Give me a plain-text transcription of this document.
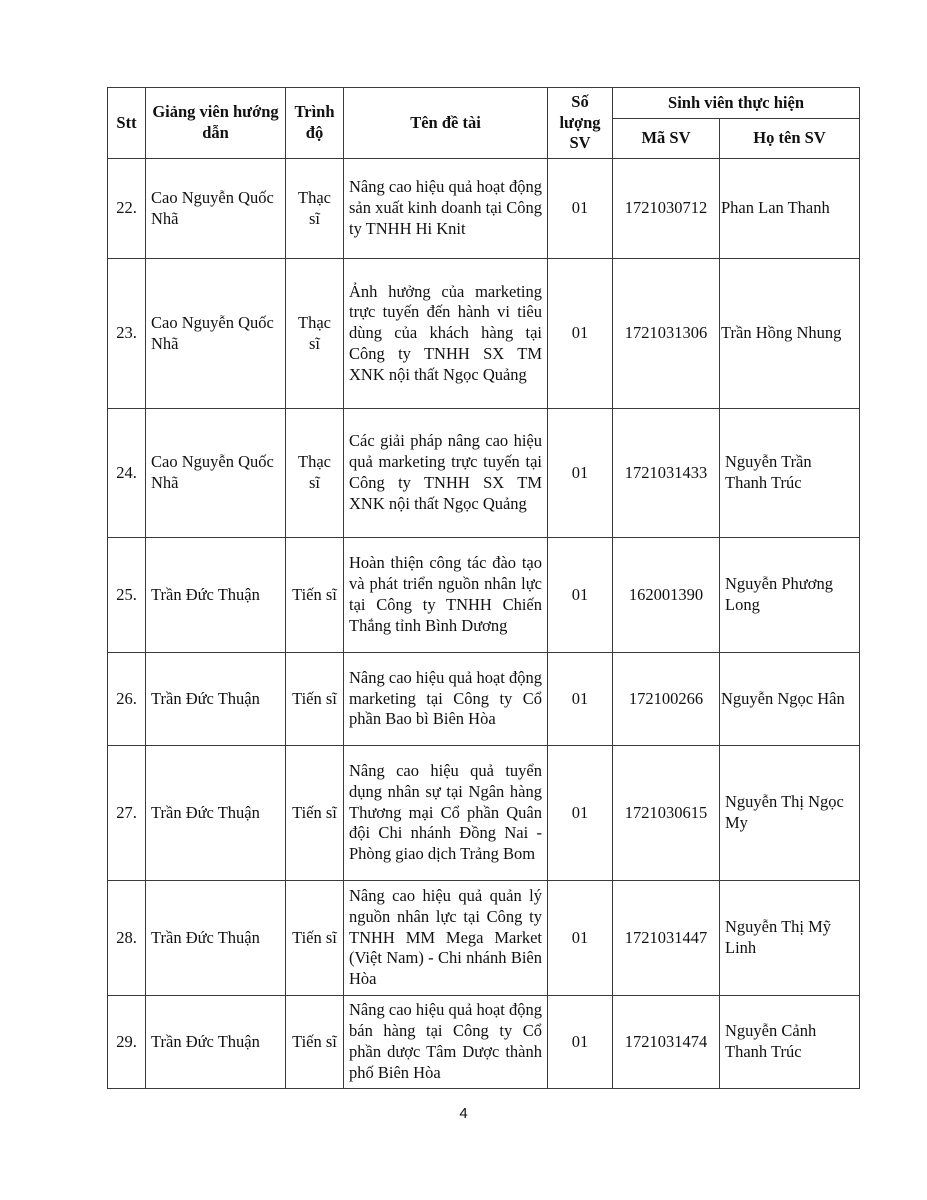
Stt	Giảng viên hướng dẫn	Trình độ	Tên đề tài	Số lượng SV	Sinh viên thực hiện	
					Mã SV	Họ tên SV
22.	Cao Nguyễn Quốc Nhã	Thạc sĩ	Nâng cao hiệu quả hoạt động sản xuất kinh doanh tại Công ty TNHH Hi Knit	01	1721030712	Phan Lan Thanh
23.	Cao Nguyễn Quốc Nhã	Thạc sĩ	Ảnh hưởng của marketing trực tuyến đến hành vi tiêu dùng của khách hàng tại Công ty TNHH SX TM XNK nội thất Ngọc Quảng	01	1721031306	Trần Hồng Nhung
24.	Cao Nguyễn Quốc Nhã	Thạc sĩ	Các giải pháp nâng cao hiệu quả marketing trực tuyến tại Công ty TNHH SX TM XNK nội thất Ngọc Quảng	01	1721031433	Nguyễn Trần Thanh Trúc
25.	Trần Đức Thuận	Tiến sĩ	Hoàn thiện công tác đào tạo và phát triển nguồn nhân lực tại Công ty TNHH Chiến Thắng tỉnh Bình Dương	01	162001390	Nguyễn Phương Long
26.	Trần Đức Thuận	Tiến sĩ	Nâng cao hiệu quả hoạt động marketing tại Công ty Cổ phần Bao bì Biên Hòa	01	172100266	Nguyễn Ngọc Hân
27.	Trần Đức Thuận	Tiến sĩ	Nâng cao hiệu quả tuyển dụng nhân sự tại Ngân hàng Thương mại Cổ phần Quân đội Chi nhánh Đồng Nai - Phòng giao dịch Trảng Bom	01	1721030615	Nguyễn Thị Ngọc My
28.	Trần Đức Thuận	Tiến sĩ	Nâng cao hiệu quả quản lý nguồn nhân lực tại Công ty TNHH MM Mega Market (Việt Nam) - Chi nhánh Biên Hòa	01	1721031447	Nguyễn Thị Mỹ Linh
29.	Trần Đức Thuận	Tiến sĩ	Nâng cao hiệu quả hoạt động bán hàng tại Công ty Cổ phần dược Tâm Dược thành phố Biên Hòa	01	1721031474	Nguyễn Cảnh Thanh Trúc
4
